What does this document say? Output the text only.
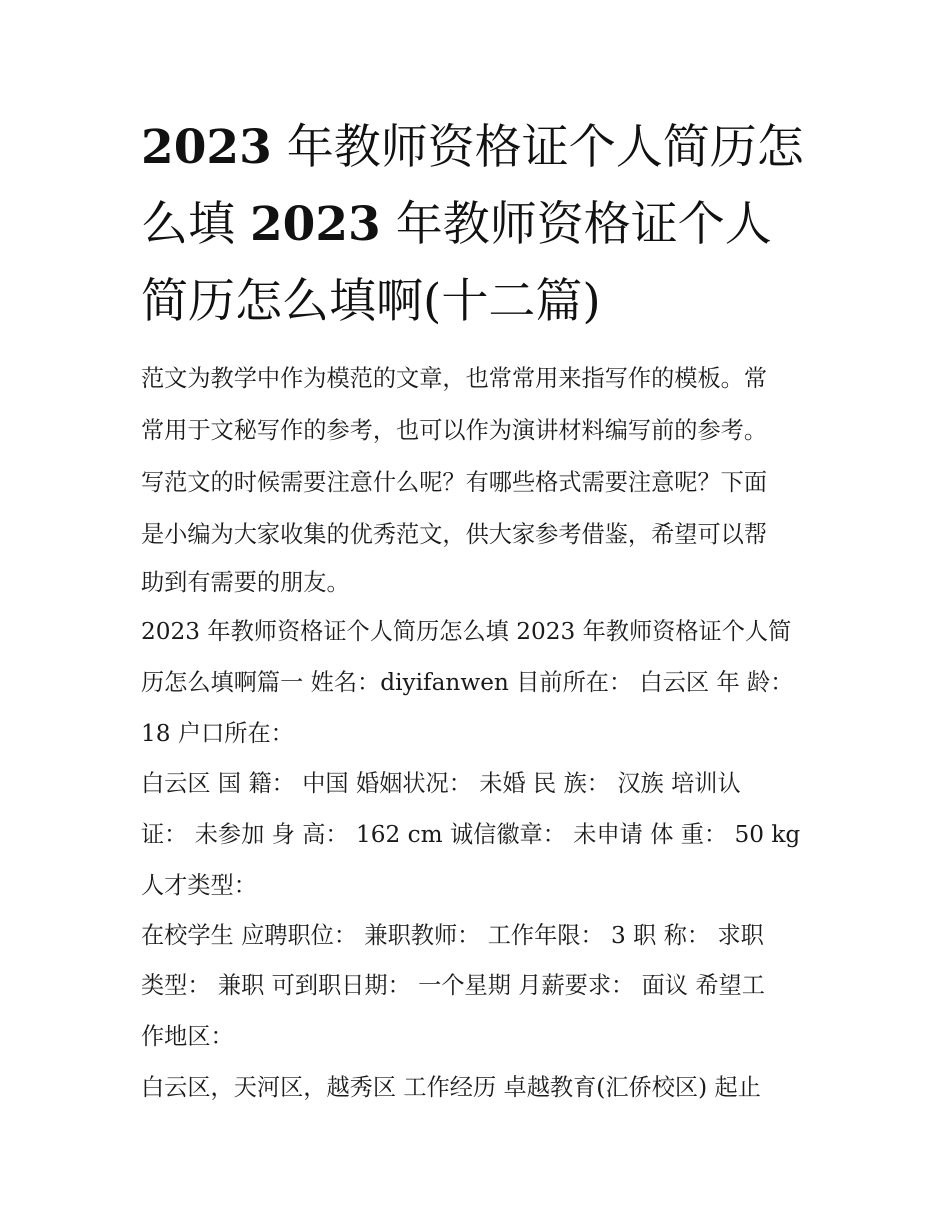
2023 年教师资格证个人简历怎
么填 2023 年教师资格证个人
简历怎么填啊(十二篇)
范文为教学中作为模范的文章，也常常用来指写作的模板。常
常用于文秘写作的参考，也可以作为演讲材料编写前的参考。
写范文的时候需要注意什么呢？有哪些格式需要注意呢？下面
是小编为大家收集的优秀范文，供大家参考借鉴，希望可以帮
助到有需要的朋友。
2023 年教师资格证个人简历怎么填 2023 年教师资格证个人简
历怎么填啊篇一 姓名：diyifanwen 目前所在： 白云区 年 龄：
18 户口所在：
白云区 国 籍： 中国 婚姻状况： 未婚 民 族： 汉族 培训认
证： 未参加 身 高： 162 cm 诚信徽章： 未申请 体 重： 50 kg
人才类型：
在校学生 应聘职位： 兼职教师： 工作年限： 3 职 称： 求职
类型： 兼职 可到职日期： 一个星期 月薪要求： 面议 希望工
作地区：
白云区，天河区，越秀区 工作经历 卓越教育(汇侨校区) 起止
